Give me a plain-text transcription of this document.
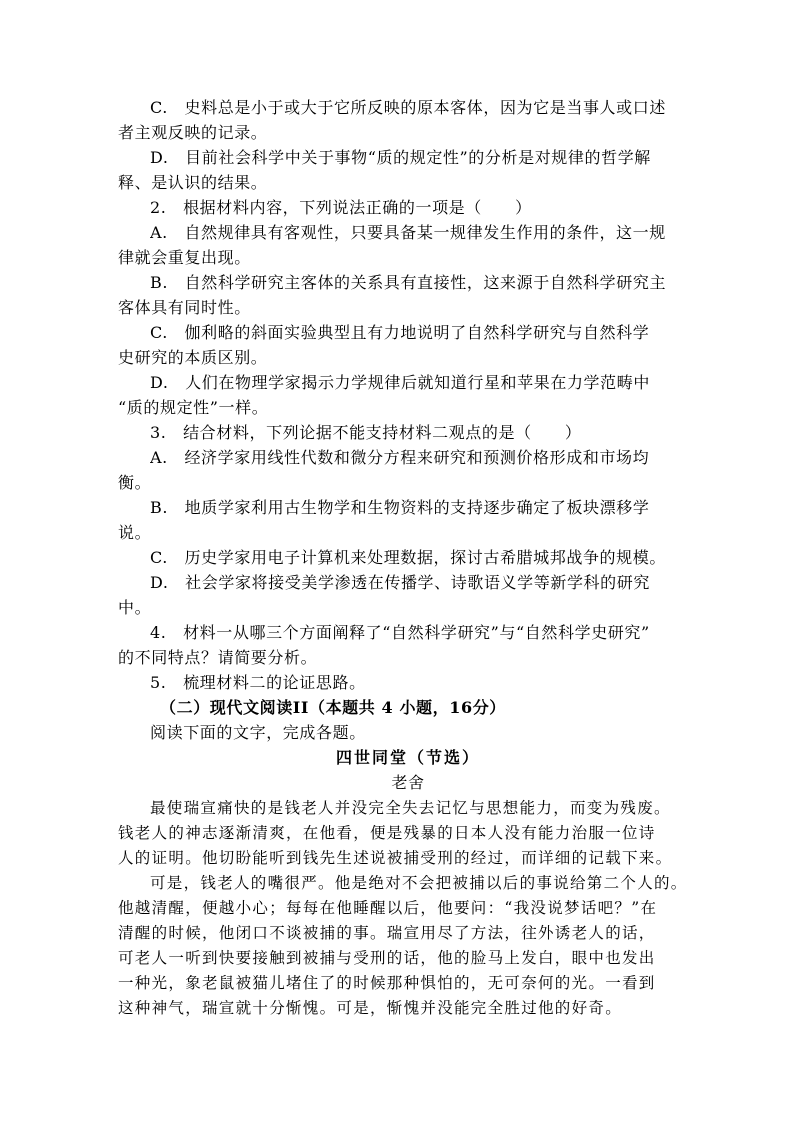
C.　史料总是小于或大于它所反映的原本客体，因为它是当事人或口述
者主观反映的记录。
D.　目前社会科学中关于事物“质的规定性”的分析是对规律的哲学解
释、是认识的结果。
2.　根据材料内容，下列说法正确的一项是（　　）
A.　自然规律具有客观性，只要具备某一规律发生作用的条件，这一规
律就会重复出现。
B.　自然科学研究主客体的关系具有直接性，这来源于自然科学研究主
客体具有同时性。
C.　伽利略的斜面实验典型且有力地说明了自然科学研究与自然科学
史研究的本质区别。
D.　人们在物理学家揭示力学规律后就知道行星和苹果在力学范畴中
“质的规定性”一样。
3.　结合材料，下列论据不能支持材料二观点的是（　　）
A.　经济学家用线性代数和微分方程来研究和预测价格形成和市场均
衡。
B.　地质学家利用古生物学和生物资料的支持逐步确定了板块漂移学
说。
C.　历史学家用电子计算机来处理数据，探讨古希腊城邦战争的规模。
D.　社会学家将接受美学渗透在传播学、诗歌语义学等新学科的研究
中。
4.　材料一从哪三个方面阐释了“自然科学研究”与“自然科学史研究”
的不同特点？请简要分析。
5.　梳理材料二的论证思路。
（二）现代文阅读II（本题共 4 小题，16分）
阅读下面的文字，完成各题。
四世同堂（节选）
老舍
最使瑞宣痛快的是钱老人并没完全失去记忆与思想能力，而变为残废。
钱老人的神志逐渐清爽，在他看，便是残暴的日本人没有能力治服一位诗
人的证明。他切盼能听到钱先生述说被捕受刑的经过，而详细的记载下来。
可是，钱老人的嘴很严。他是绝对不会把被捕以后的事说给第二个人的。
他越清醒，便越小心；每每在他睡醒以后，他要问：“我没说梦话吧？”在
清醒的时候，他闭口不谈被捕的事。瑞宣用尽了方法，往外诱老人的话，
可老人一听到快要接触到被捕与受刑的话，他的脸马上发白，眼中也发出
一种光，象老鼠被猫儿堵住了的时候那种惧怕的，无可奈何的光。一看到
这种神气，瑞宣就十分惭愧。可是，惭愧并没能完全胜过他的好奇。
